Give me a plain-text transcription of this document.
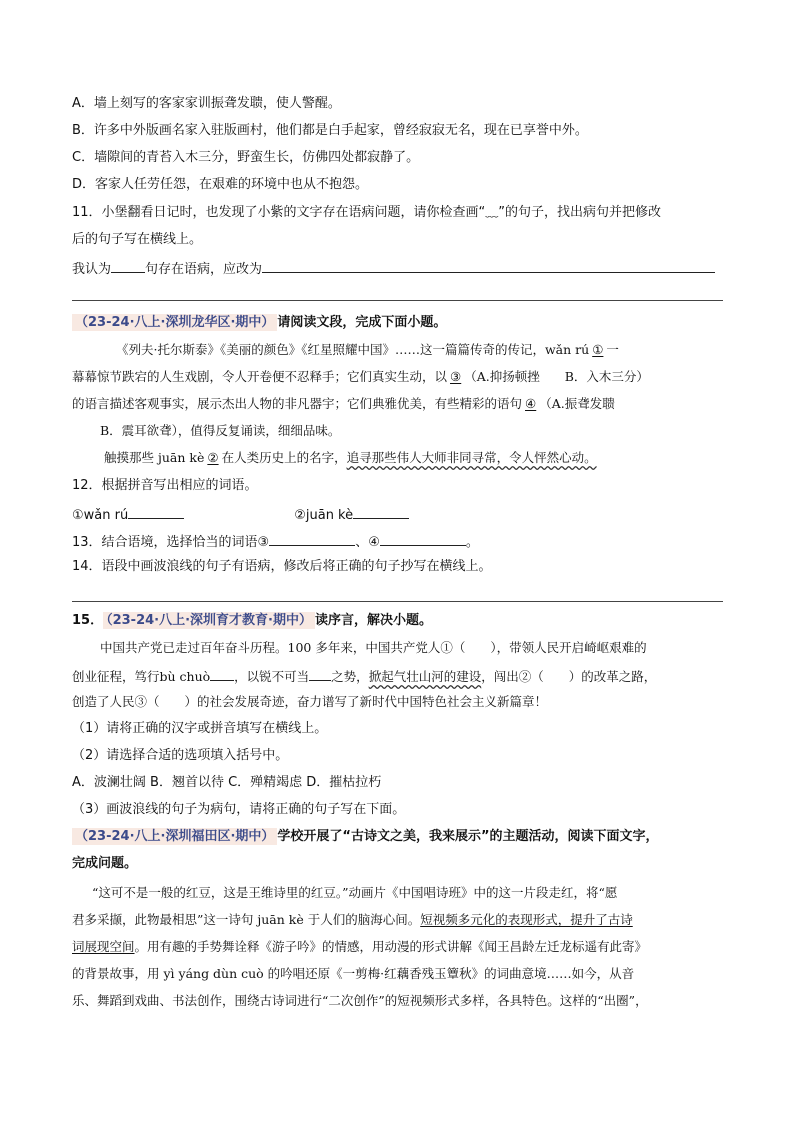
A．墙上刻写的客家家训振聋发聩，使人警醒。
B．许多中外版画名家入驻版画村，他们都是白手起家，曾经寂寂无名，现在已享誉中外。
C．墙隙间的青苔入木三分，野蛮生长，仿佛四处都寂静了。
D．客家人任劳任怨，在艰难的环境中也从不抱怨。
11．小堡翻看日记时，也发现了小紫的文字存在语病问题，请你检查画“﹏”的句子，找出病句并把修改
后的句子写在横线上。
我认为	句存在语病，应改为
（23-24·八上·深圳龙华区·期中） 请阅读文段，完成下面小题。
《列夫·托尔斯泰》《美丽的颜色》《红星照耀中国》……这一篇篇传奇的传记，wǎn rú ① 一
幕幕惊节跌宕的人生戏剧，令人开卷便不忍释手；它们真实生动，以 ③ （A.抑扬顿挫　　B．入木三分）
的语言描述客观事实，展示杰出人物的非凡器宇；它们典雅优美，有些精彩的语句 ④ （A.振聋发聩
B．震耳欲聋），值得反复诵读，细细品味。
触摸那些 juān kè ② 在人类历史上的名字，追寻那些伟人大师非同寻常，令人怦然心动。
12．根据拼音写出相应的词语。
①wǎn rú	②juān kè
13．结合语境，选择恰当的词语③	、④	。
14．语段中画波浪线的句子有语病，修改后将正确的句子抄写在横线上。
15． （23-24·八上·深圳育才教育·期中） 读序言，解决小题。
中国共产党已走过百年奋斗历程。100 多年来，中国共产党人①（　　），带领人民开启崎岖艰难的
创业征程，笃行bù chuò ，以锐不可当 之势，掀起气壮山河的建设，闯出②（　　）的改革之路，
创造了人民③（　　）的社会发展奇迹，奋力谱写了新时代中国特色社会主义新篇章！
（1）请将正确的汉字或拼音填写在横线上。
（2）请选择合适的选项填入括号中。
A．波澜壮阔 B．翘首以待 C．殚精竭虑 D．摧枯拉朽
（3）画波浪线的句子为病句，请将正确的句子写在下面。
（23-24·八上·深圳福田区·期中） 学校开展了“古诗文之美，我来展示”的主题活动，阅读下面文字，
完成问题。
“这可不是一般的红豆，这是王维诗里的红豆。”动画片《中国唱诗班》中的这一片段走红，将“愿
君多采撷，此物最相思”这一诗句 juān kè 于人们的脑海心间。短视频多元化的表现形式，提升了古诗
词展现空间。用有趣的手势舞诠释《游子吟》的情感，用动漫的形式讲解《闻王昌龄左迁龙标遥有此寄》
的背景故事，用 yì yáng dùn cuò 的吟唱还原《一剪梅·红藕香残玉簟秋》的词曲意境……如今，从音
乐、舞蹈到戏曲、书法创作，围绕古诗词进行“二次创作”的短视频形式多样，各具特色。这样的“出圈”，
